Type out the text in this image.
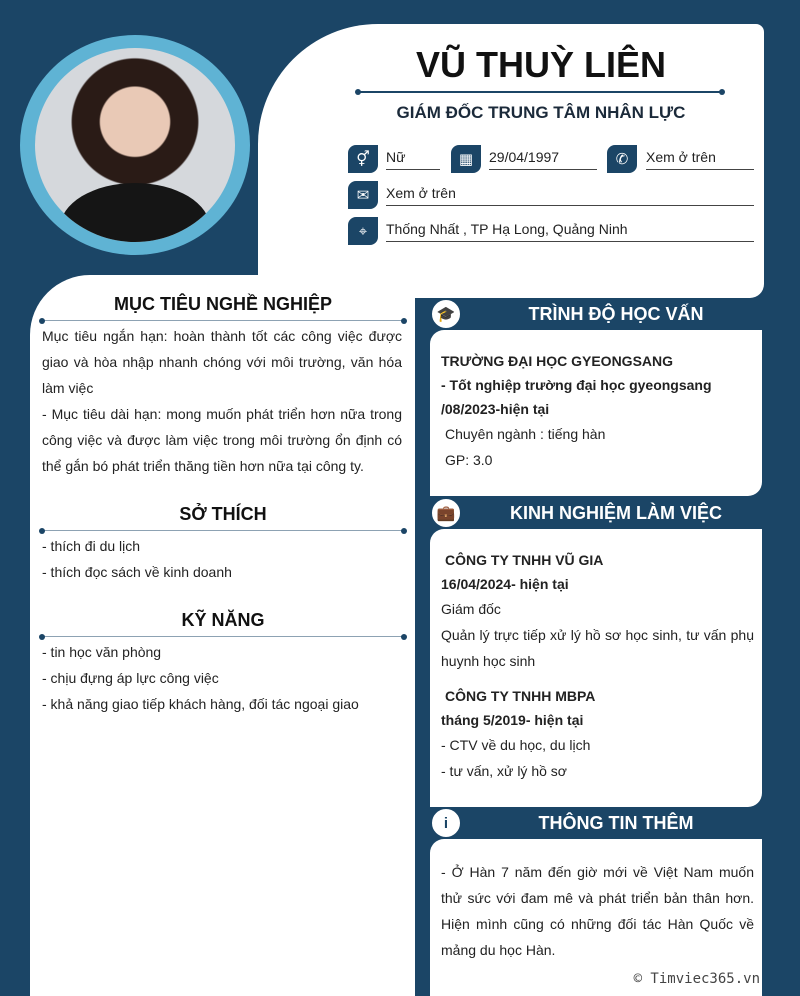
VŨ THUỲ LIÊN
GIÁM ĐỐC TRUNG TÂM NHÂN LỰC
⚥	Nữ	▦	29/04/1997	✆	Xem ở trên
✉	Xem ở trên
⌖	Thống Nhất , TP Hạ Long, Quảng Ninh
MỤC TIÊU NGHỀ NGHIỆP
Mục tiêu ngắn hạn: hoàn thành tốt các công việc được giao và hòa nhập nhanh chóng với môi trường, văn hóa làm việc
- Mục tiêu dài hạn: mong muốn phát triển hơn nữa trong công việc và được làm việc trong môi trường ổn định có thể gắn bó phát triển thăng tiền hơn nữa tại công ty.
SỞ THÍCH
- thích đi du lịch
- thích đọc sách về kinh doanh
KỸ NĂNG
- tin học văn phòng
- chịu đựng áp lực công việc
- khả năng giao tiếp khách hàng, đối tác ngoại giao
🎓	TRÌNH ĐỘ HỌC VẤN
TRƯỜNG ĐẠI HỌC GYEONGSANG
- Tốt nghiệp trường đại học gyeongsang
/08/2023-hiện tại
Chuyên ngành : tiếng hàn
GP: 3.0
💼	KINH NGHIỆM LÀM VIỆC
CÔNG TY TNHH VŨ GIA
16/04/2024- hiện tại
Giám đốc
Quản lý trực tiếp xử lý hồ sơ học sinh, tư vấn phụ huynh học sinh
CÔNG TY TNHH MBPA
tháng 5/2019- hiện tại
- CTV về du học, du lịch
- tư vấn, xử lý hồ sơ
i	THÔNG TIN THÊM
- Ở Hàn 7 năm đến giờ mới về Việt Nam muốn thử sức với đam mê và phát triển bản thân hơn. Hiện mình cũng có những đối tác Hàn Quốc về mảng du học Hàn.
© Timviec365.vn
